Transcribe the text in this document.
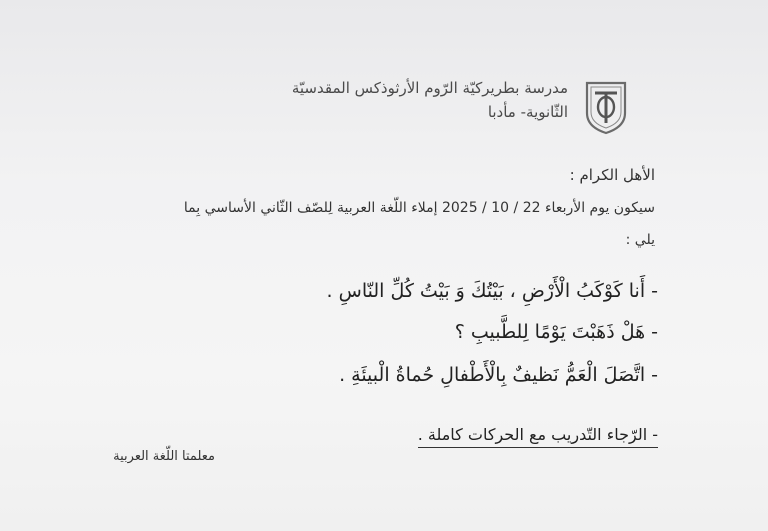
مدرسة بطريركيّة الرّوم الأرثوذكس المقدسيّة
الثّانوية- مأدبا
الأهل الكرام :
سيكون يوم الأربعاء 22 / 10 / 2025 إملاء اللّغة العربية لِلصّف الثّاني الأساسي بِما
يلي :
- أَنا كَوْكَبُ الْأَرْضِ ، بَيْتُكَ وَ بَيْتُ كُلِّ النّاسِ .
- هَلْ ذَهَبْتَ يَوْمًا لِلطَّبيبِ ؟
- اتَّصَلَ الْعَمُّ نَظيفٌ بِالْأَطْفالِ حُماةُ الْبيئَةِ .
- الرّجاء التّدريب مع الحركات كاملة .
معلمتا اللّغة العربية
